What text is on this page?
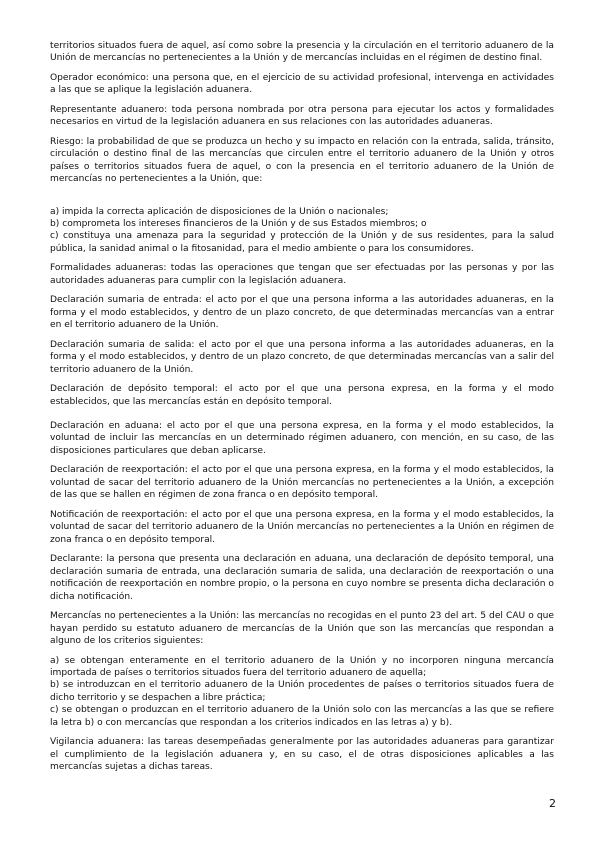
territorios situados fuera de aquel, así como sobre la presencia y la circulación en el territorio aduanero de la Unión de mercancías no pertenecientes a la Unión y de mercancías incluidas en el régimen de destino final.

Operador económico: una persona que, en el ejercicio de su actividad profesional, intervenga en actividades a las que se aplique la legislación aduanera.

Representante aduanero: toda persona nombrada por otra persona para ejecutar los actos y formalidades necesarios en virtud de la legislación aduanera en sus relaciones con las autoridades aduaneras.

Riesgo: la probabilidad de que se produzca un hecho y su impacto en relación con la entrada, salida, tránsito, circulación o destino final de las mercancías que circulen entre el territorio aduanero de la Unión y otros países o territorios situados fuera de aquel, o con la presencia en el territorio aduanero de la Unión de mercancías no pertenecientes a la Unión, que:

a) impida la correcta aplicación de disposiciones de la Unión o nacionales;

b) comprometa los intereses financieros de la Unión y de sus Estados miembros; o

c) constituya una amenaza para la seguridad y protección de la Unión y de sus residentes, para la salud pública, la sanidad animal o la fitosanidad, para el medio ambiente o para los consumidores.

Formalidades aduaneras: todas las operaciones que tengan que ser efectuadas por las personas y por las autoridades aduaneras para cumplir con la legislación aduanera.

Declaración sumaria de entrada: el acto por el que una persona informa a las autoridades aduaneras, en la forma y el modo establecidos, y dentro de un plazo concreto, de que determinadas mercancías van a entrar en el territorio aduanero de la Unión.

Declaración sumaria de salida: el acto por el que una persona informa a las autoridades aduaneras, en la forma y el modo establecidos, y dentro de un plazo concreto, de que determinadas mercancías van a salir del territorio aduanero de la Unión.

Declaración de depósito temporal: el acto por el que una persona expresa, en la forma y el modo establecidos, que las mercancías están en depósito temporal.

Declaración en aduana: el acto por el que una persona expresa, en la forma y el modo establecidos, la voluntad de incluir las mercancías en un determinado régimen aduanero, con mención, en su caso, de las disposiciones particulares que deban aplicarse.

Declaración de reexportación: el acto por el que una persona expresa, en la forma y el modo establecidos, la voluntad de sacar del territorio aduanero de la Unión mercancías no pertenecientes a la Unión, a excepción de las que se hallen en régimen de zona franca o en depósito temporal.

Notificación de reexportación: el acto por el que una persona expresa, en la forma y el modo establecidos, la voluntad de sacar del territorio aduanero de la Unión mercancías no pertenecientes a la Unión en régimen de zona franca o en depósito temporal.

Declarante: la persona que presenta una declaración en aduana, una declaración de depósito temporal, una declaración sumaria de entrada, una declaración sumaria de salida, una declaración de reexportación o una notificación de reexportación en nombre propio, o la persona en cuyo nombre se presenta dicha declaración o dicha notificación.

Mercancías no pertenecientes a la Unión: las mercancías no recogidas en el punto 23 del art. 5 del CAU o que hayan perdido su estatuto aduanero de mercancías de la Unión que son las mercancías que respondan a alguno de los criterios siguientes:

a) se obtengan enteramente en el territorio aduanero de la Unión y no incorporen ninguna mercancía importada de países o territorios situados fuera del territorio aduanero de aquella;

b) se introduzcan en el territorio aduanero de la Unión procedentes de países o territorios situados fuera de dicho territorio y se despachen a libre práctica;

c) se obtengan o produzcan en el territorio aduanero de la Unión solo con las mercancías a las que se refiere la letra b) o con mercancías que respondan a los criterios indicados en las letras a) y b).

Vigilancia aduanera: las tareas desempeñadas generalmente por las autoridades aduaneras para garantizar el cumplimiento de la legislación aduanera y, en su caso, el de otras disposiciones aplicables a las mercancías sujetas a dichas tareas.

2
